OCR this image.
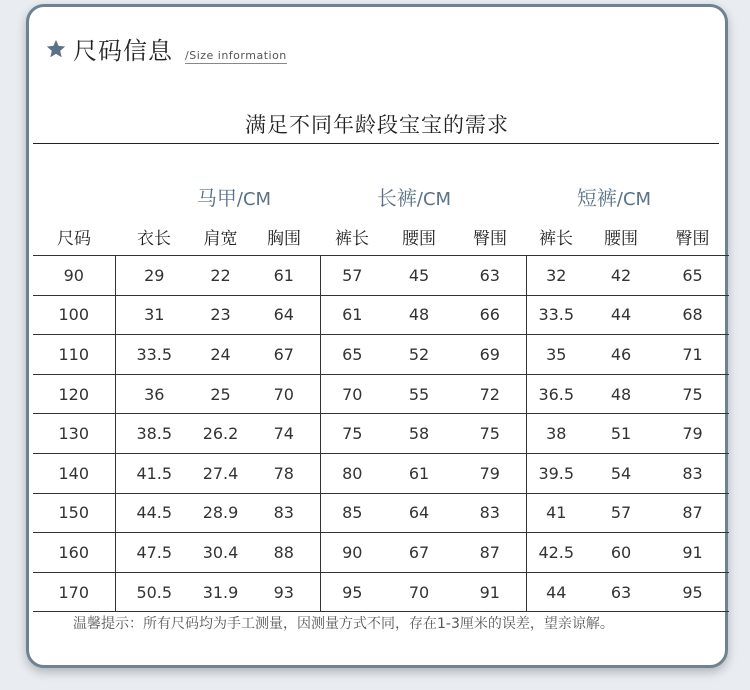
尺码信息 /Size information
满足不同年龄段宝宝的需求
马甲/CM	长裤/CM	短裤/CM
尺码	衣长	肩宽	胸围	裤长	腰围	臀围	裤长	腰围	臀围
90	29	22	61	57	45	63	32	42	65
100	31	23	64	61	48	66	33.5	44	68
110	33.5	24	67	65	52	69	35	46	71
120	36	25	70	70	55	72	36.5	48	75
130	38.5	26.2	74	75	58	75	38	51	79
140	41.5	27.4	78	80	61	79	39.5	54	83
150	44.5	28.9	83	85	64	83	41	57	87
160	47.5	30.4	88	90	67	87	42.5	60	91
170	50.5	31.9	93	95	70	91	44	63	95
温馨提示：所有尺码均为手工测量，因测量方式不同，存在1-3厘米的误差，望亲谅解。
